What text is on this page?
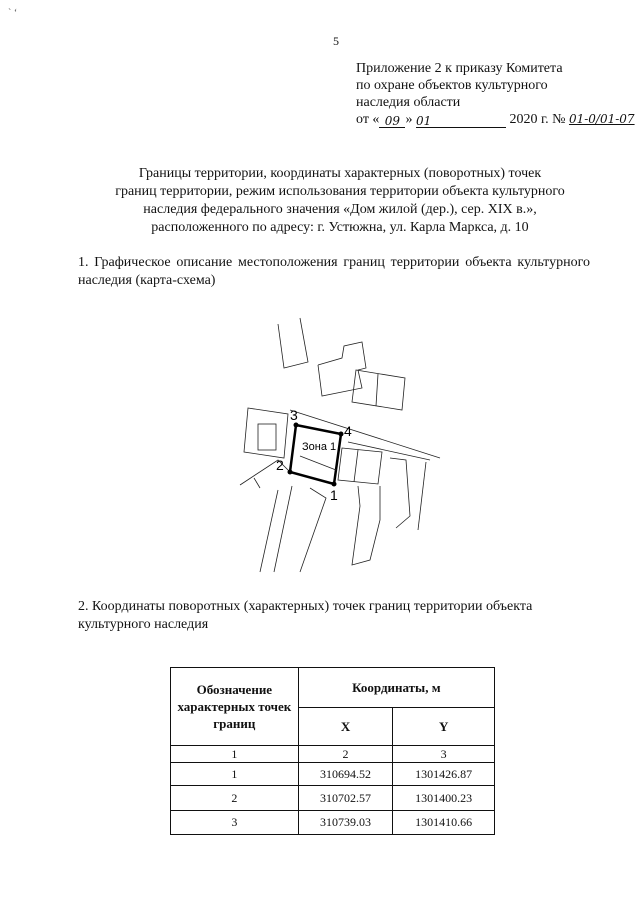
` ʻ
5
Приложение 2 к приказу Комитета
по охране объектов культурного
наследия области
от « 09 » 01	2020 г. № 01-0/01-07
Границы территории, координаты характерных (поворотных) точек
границ территории, режим использования территории объекта культурного
наследия федерального значения «Дом жилой (дер.), сер. XIX в.»,
расположенного по адресу: г. Устюжна, ул. Карла Маркса, д. 10
1. Графическое описание местоположения границ территории объекта культурного наследия (карта-схема)
Зона 1
1
2
3
4
2. Координаты поворотных (характерных) точек границ территории объекта культурного наследия
Обозначение характерных точек границ	Координаты, м	
	X	Y
1	2	3
1	310694.52	1301426.87
2	310702.57	1301400.23
3	310739.03	1301410.66
